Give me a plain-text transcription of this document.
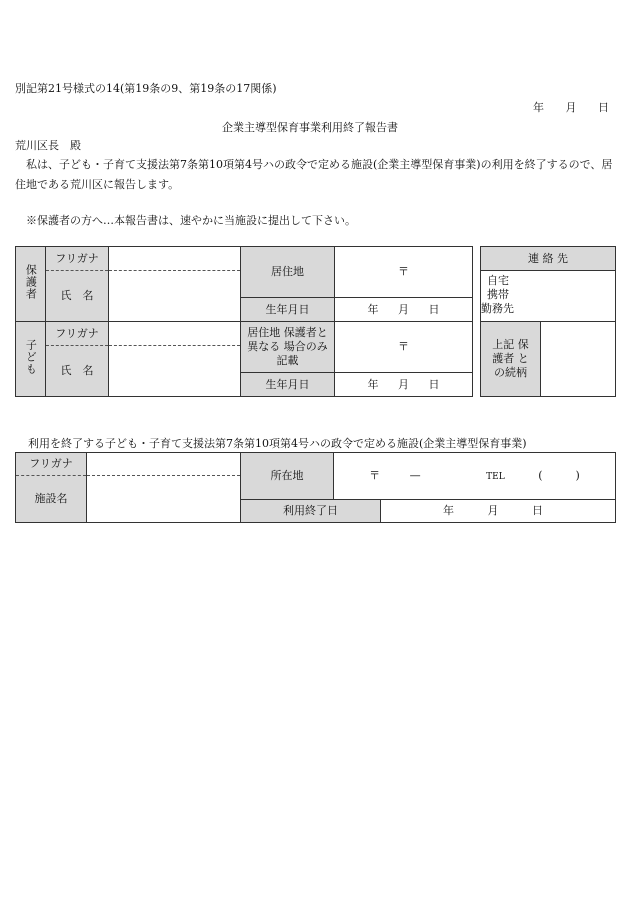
別記第21号様式の14(第19条の9、第19条の17関係)
年 月 日
企業主導型保育事業利用終了報告書
荒川区長　殿
私は、子ども・子育て支援法第7条第10項第4号ハの政令で定める施設(企業主導型保育事業)の利用を終了するので、居住地である荒川区に報告します。
※保護者の方へ…本報告書は、速やかに当施設に提出して下さい。
保護者	フリガナ		居住地	〒		連 絡 先	
	氏　名					自宅
携帯
勤務先	

			生年月日	年 月 日			
子ども	フリガナ		居住地 保護者と異なる 場合のみ記載	〒		上記 保護者 との続柄	
	氏　名						
			生年月日	年 月 日			
利用を終了する子ども・子育て支援法第7条第10項第4号ハの政令で定める施設(企業主導型保育事業)
フリガナ		所在地	〒 — TEL (　　　)	
施設名				
		利用終了日		年 月 日
